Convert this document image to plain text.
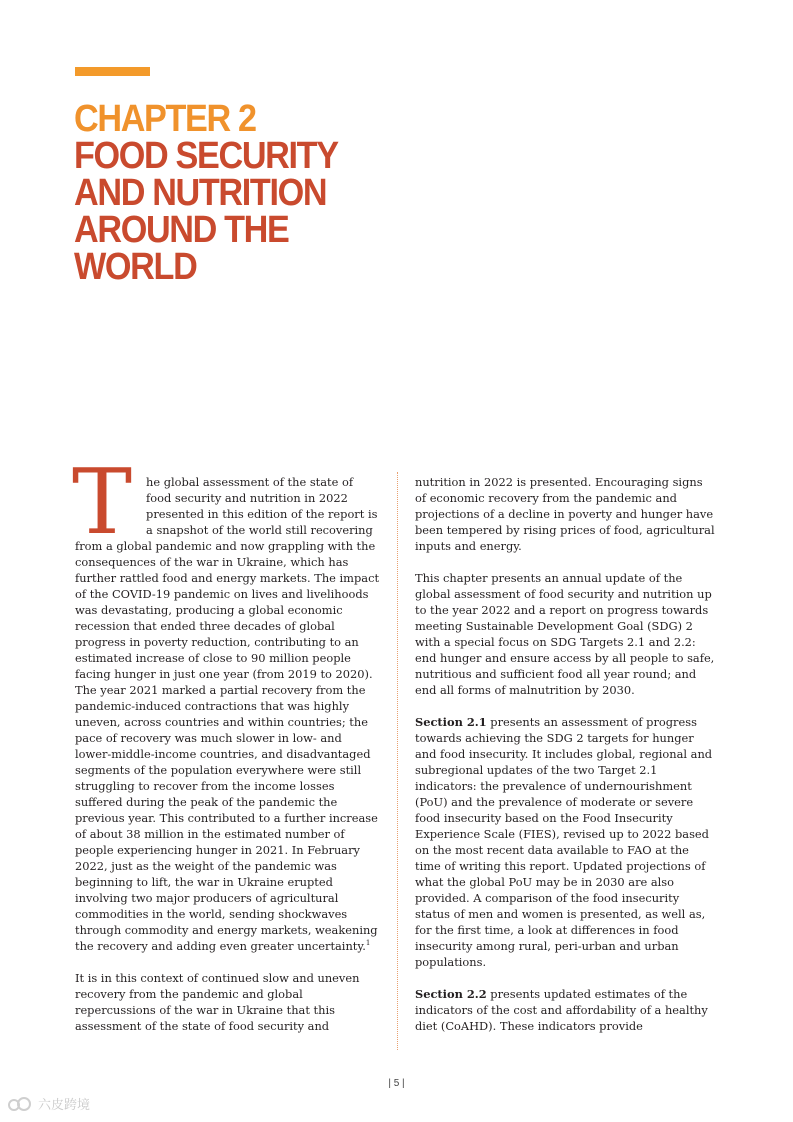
CHAPTER 2
FOOD SECURITY
AND NUTRITION
AROUND THE
WORLD

T he global assessment of the state of food security and nutrition in 2022 presented in this edition of the report is a snapshot of the world still recovering from a global pandemic and now grappling with the consequences of the war in Ukraine, which has further rattled food and energy markets. The impact of the COVID-19 pandemic on lives and livelihoods was devastating, producing a global economic recession that ended three decades of global progress in poverty reduction, contributing to an estimated increase of close to 90 million people facing hunger in just one year (from 2019 to 2020). The year 2021 marked a partial recovery from the pandemic-induced contractions that was highly uneven, across countries and within countries; the pace of recovery was much slower in low- and lower-middle-income countries, and disadvantaged segments of the population everywhere were still struggling to recover from the income losses suffered during the peak of the pandemic the previous year. This contributed to a further increase of about 38 million in the estimated number of people experiencing hunger in 2021. In February 2022, just as the weight of the pandemic was beginning to lift, the war in Ukraine erupted involving two major producers of agricultural commodities in the world, sending shockwaves through commodity and energy markets, weakening the recovery and adding even greater uncertainty.$^1$

It is in this context of continued slow and uneven recovery from the pandemic and global repercussions of the war in Ukraine that this assessment of the state of food security and

nutrition in 2022 is presented. Encouraging signs of economic recovery from the pandemic and projections of a decline in poverty and hunger have been tempered by rising prices of food, agricultural inputs and energy.

This chapter presents an annual update of the global assessment of food security and nutrition up to the year 2022 and a report on progress towards meeting Sustainable Development Goal (SDG) 2 with a special focus on SDG Targets 2.1 and 2.2: end hunger and ensure access by all people to safe, nutritious and sufficient food all year round; and end all forms of malnutrition by 2030.

Section 2.1 presents an assessment of progress towards achieving the SDG 2 targets for hunger and food insecurity. It includes global, regional and subregional updates of the two Target 2.1 indicators: the prevalence of undernourishment (PoU) and the prevalence of moderate or severe food insecurity based on the Food Insecurity Experience Scale (FIES), revised up to 2022 based on the most recent data available to FAO at the time of writing this report. Updated projections of what the global PoU may be in 2030 are also provided. A comparison of the food insecurity status of men and women is presented, as well as, for the first time, a look at differences in food insecurity among rural, peri-urban and urban populations.

Section 2.2 presents updated estimates of the indicators of the cost and affordability of a healthy diet (CoAHD). These indicators provide

| 5 |
六皮跨境
